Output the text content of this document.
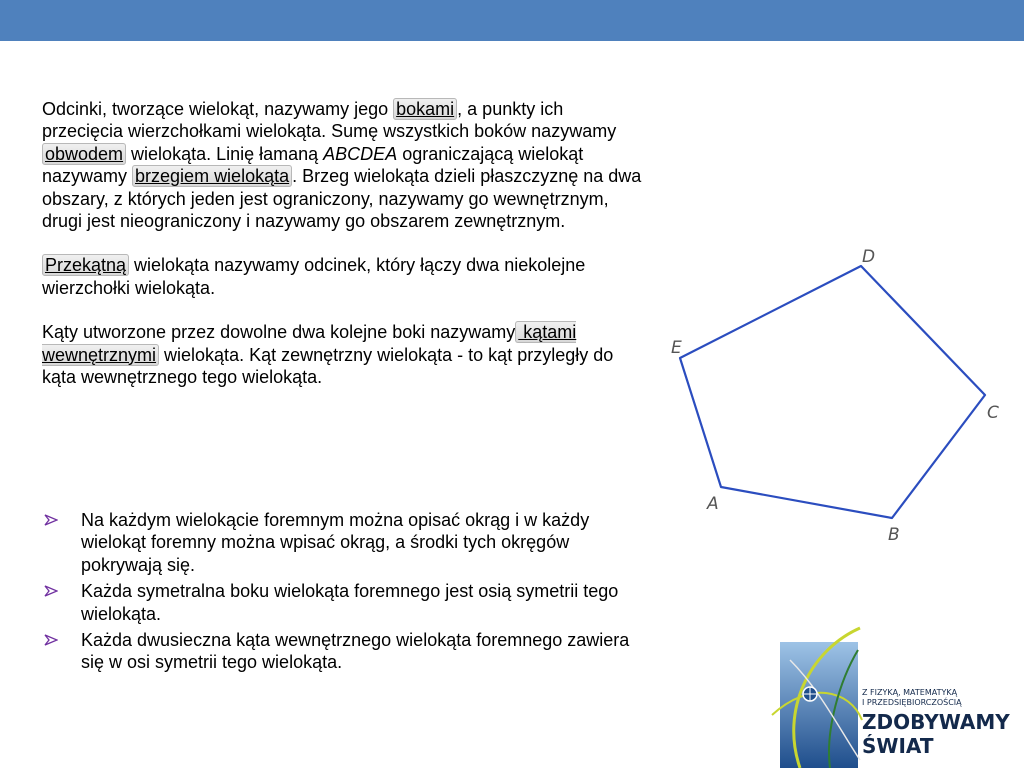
Odcinki, tworzące wielokąt, nazywamy jego bokami , a punkty ich przecięcia wierzchołkami wielokąta. Sumę wszystkich boków nazywamy obwodem wielokąta. Linię łamaną ABCDEA ograniczającą wielokąt nazywamy brzegiem wielokąta . Brzeg wielokąta dzieli płaszczyznę na dwa obszary, z których jeden jest ograniczony, nazywamy go wewnętrznym, drugi jest nieograniczony i nazywamy go obszarem zewnętrznym.

Przekątną wielokąta nazywamy odcinek, który łączy dwa niekolejne wierzchołki wielokąta.

Kąty utworzone przez dowolne dwa kolejne boki nazywamy kątami wewnętrznymi wielokąta. Kąt zewnętrzny wielokąta - to kąt przyległy do kąta wewnętrznego tego wielokąta.

Na każdym wielokącie foremnym można opisać okrąg i w każdy wielokąt foremny można wpisać okrąg, a środki tych okręgów pokrywają się.
Każda symetralna boku wielokąta foremnego jest osią symetrii tego wielokąta.
Każda dwusieczna kąta wewnętrznego wielokąta foremnego zawiera się w osi symetrii tego wielokąta.
A
B
C
D
E
Z FIZYKĄ, MATEMATYKĄ
I PRZEDSIĘBIORCZOŚCIĄ
ZDOBYWAMY
ŚWIAT
